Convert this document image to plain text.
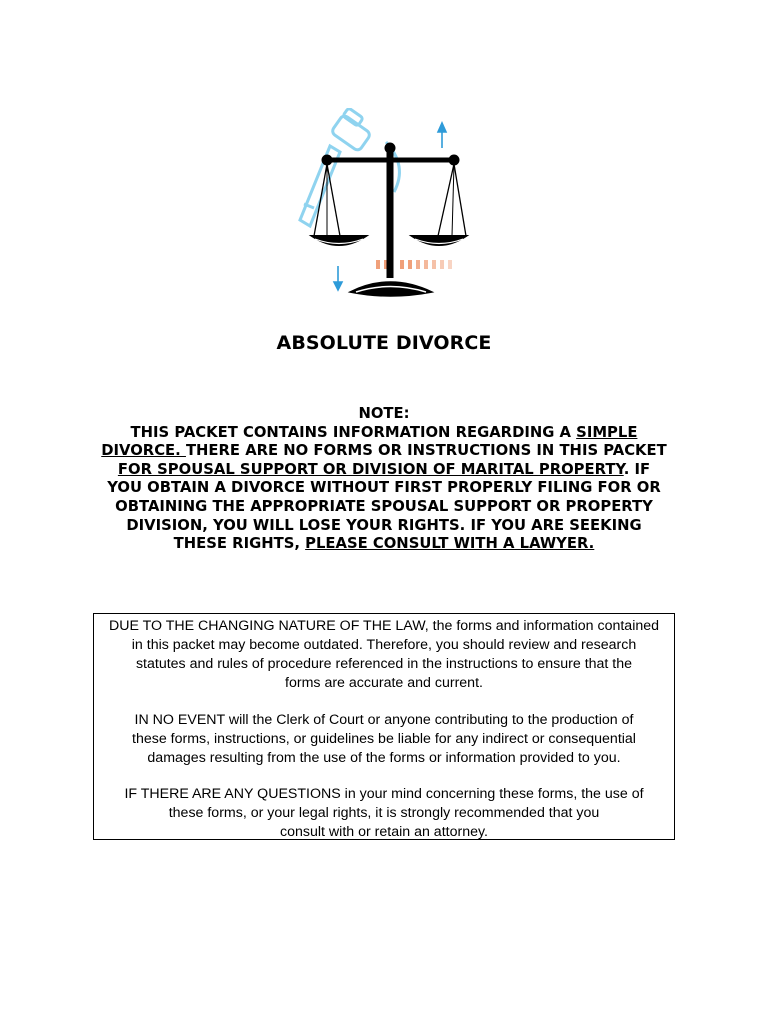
ABSOLUTE DIVORCE
NOTE:
THIS PACKET CONTAINS INFORMATION REGARDING A SIMPLE
DIVORCE. THERE ARE NO FORMS OR INSTRUCTIONS IN THIS PACKET
FOR SPOUSAL SUPPORT OR DIVISION OF MARITAL PROPERTY. IF
YOU OBTAIN A DIVORCE WITHOUT FIRST PROPERLY FILING FOR OR
OBTAINING THE APPROPRIATE SPOUSAL SUPPORT OR PROPERTY
DIVISION, YOU WILL LOSE YOUR RIGHTS. IF YOU ARE SEEKING
THESE RIGHTS, PLEASE CONSULT WITH A LAWYER.
DUE TO THE CHANGING NATURE OF THE LAW, the forms and information contained
in this packet may become outdated. Therefore, you should review and research
statutes and rules of procedure referenced in the instructions to ensure that the
forms are accurate and current.
IN NO EVENT will the Clerk of Court or anyone contributing to the production of
these forms, instructions, or guidelines be liable for any indirect or consequential
damages resulting from the use of the forms or information provided to you.
IF THERE ARE ANY QUESTIONS in your mind concerning these forms, the use of
these forms, or your legal rights, it is strongly recommended that you
consult with or retain an attorney.
